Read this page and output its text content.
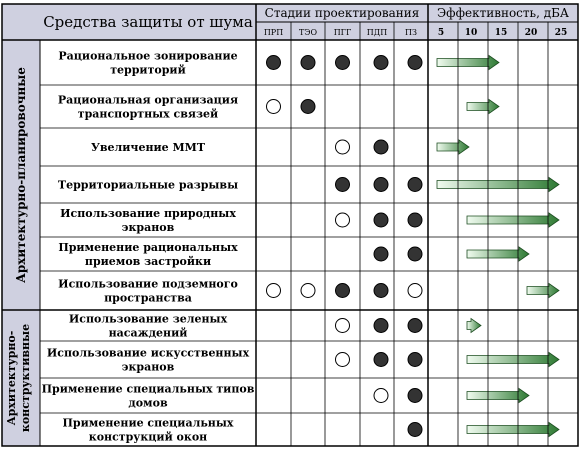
Средства защиты от шума Стадии проектирования Эффективность, дБА
Архитектурно-планировочные
Архитектурно- конструктивные
ПРП ТЭО ПГГ ПДП ПЗ 5 10 15 20 25
Рациональное зонирование
территорий
Рациональная организация
транспортных связей
Увеличение ММТ
Территориальные разрывы
Использование природных
экранов
Применение рациональных
приемов застройки
Использование подземного
пространства
Использование зеленых
насаждений
Использование искусственных
экранов
Применение специальных типов
домов
Применение специальных
конструкций окон
